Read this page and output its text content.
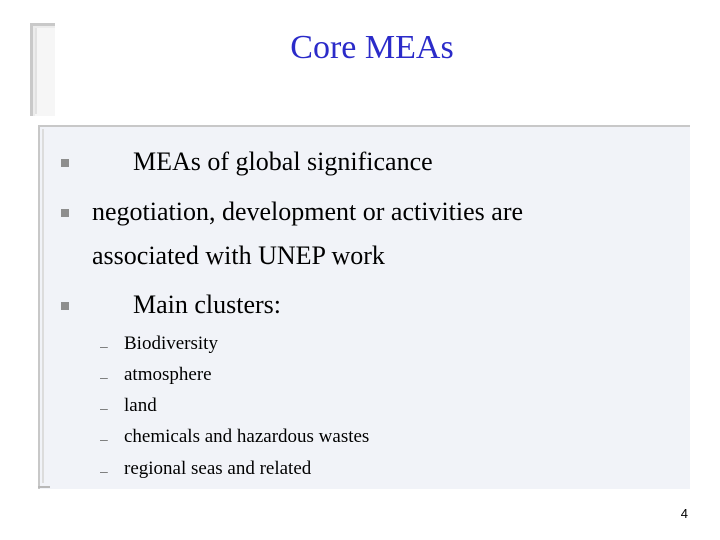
Core MEAs
MEAs of global significance
negotiation, development or activities are
associated with UNEP work
Main clusters:
– Biodiversity
– atmosphere
– land
– chemicals and hazardous wastes
– regional seas and related
4
